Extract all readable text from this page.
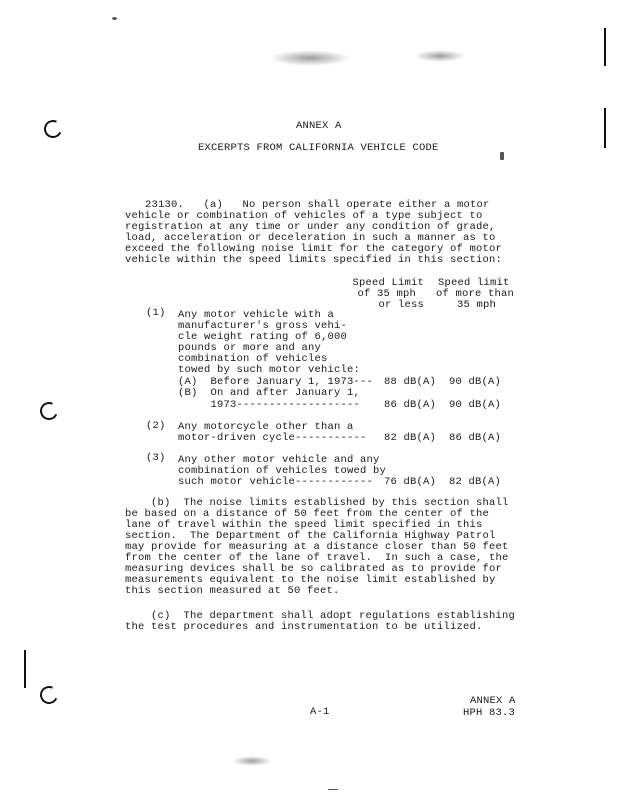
ANNEX A
EXCERPTS FROM CALIFORNIA VEHICLE CODE
23130.   (a)   No person shall operate either a motor
vehicle or combination of vehicles of a type subject to
registration at any time or under any condition of grade,
load, acceleration or deceleration in such a manner as to
exceed the following noise limit for the category of motor
vehicle within the speed limits specified in this section:
Speed Limit
of 35 mph
or less
Speed limit
of more than
35 mph
(1) Any motor vehicle with a
manufacturer's gross vehi-
cle weight rating of 6,000
pounds or more and any
combination of vehicles
towed by such motor vehicle:
(A)  Before January 1, 1973--- 88 dB(A) 90 dB(A)
(B)  On and after January 1,
1973------------------- 86 dB(A) 90 dB(A)
(2) Any motorcycle other than a
motor-driven cycle----------- 82 dB(A) 86 dB(A)
(3) Any other motor vehicle and any
combination of vehicles towed by
such motor vehicle------------ 76 dB(A) 82 dB(A)
(b)  The noise limits established by this section shall
be based on a distance of 50 feet from the center of the
lane of travel within the speed limit specified in this
section.  The Department of the California Highway Patrol
may provide for measuring at a distance closer than 50 feet
from the center of the lane of travel.  In such a case, the
measuring devices shall be so calibrated as to provide for
measurements equivalent to the noise limit established by
this section measured at 50 feet.
(c)  The department shall adopt regulations establishing
the test procedures and instrumentation to be utilized.
A-1
ANNEX A
HPH 83.3
